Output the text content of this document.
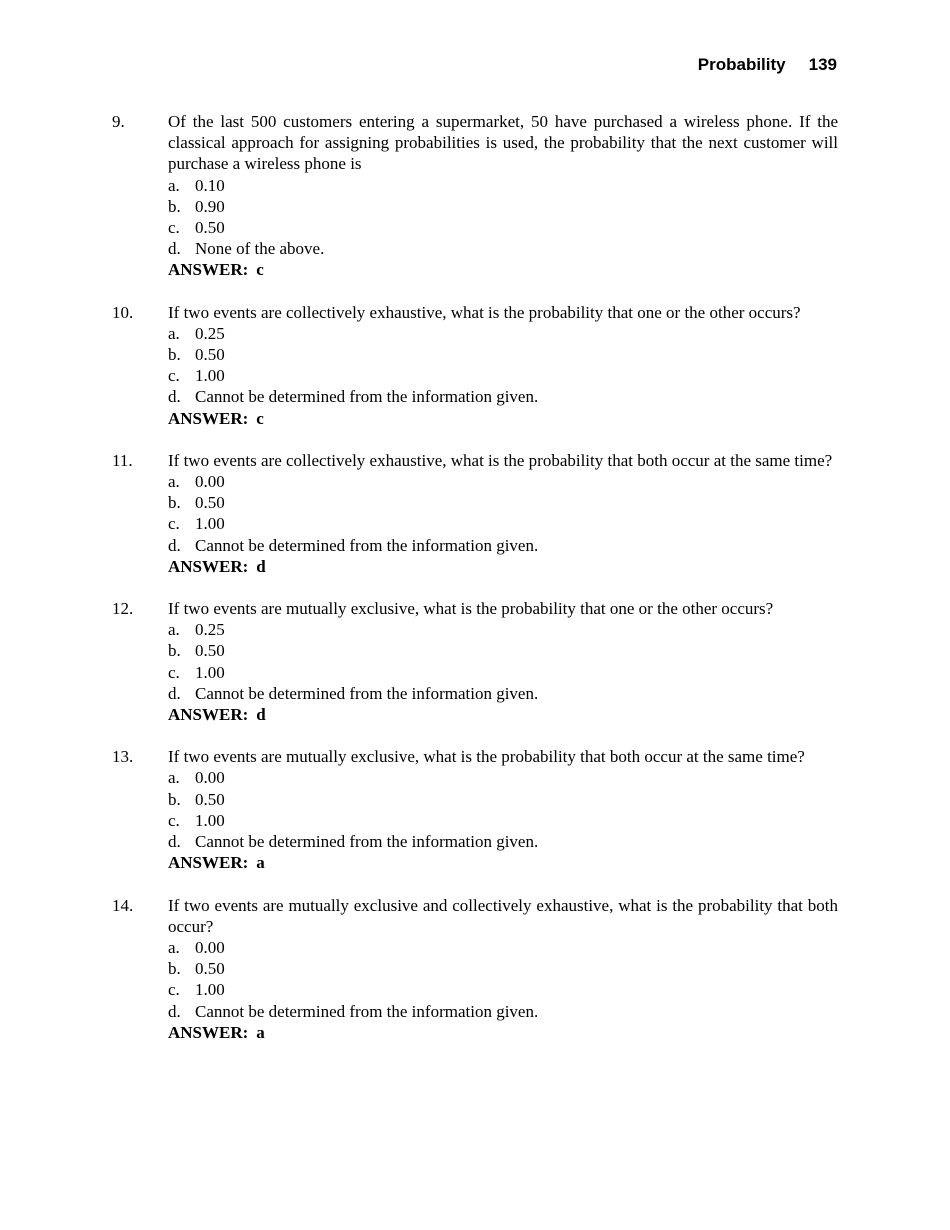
Probability 139
9.	Of the last 500 customers entering a supermarket, 50 have purchased a wireless phone. If the classical approach for assigning probabilities is used, the probability that the next customer will purchase a wireless phone is
a. 0.10
b. 0.90
c. 0.50
d. None of the above.
ANSWER: c
10. If two events are collectively exhaustive, what is the probability that one or the other occurs?
a. 0.25
b. 0.50
c. 1.00
d. Cannot be determined from the information given.
ANSWER: c
11. If two events are collectively exhaustive, what is the probability that both occur at the same time?
a. 0.00
b. 0.50
c. 1.00
d. Cannot be determined from the information given.
ANSWER: d
12. If two events are mutually exclusive, what is the probability that one or the other occurs?
a. 0.25
b. 0.50
c. 1.00
d. Cannot be determined from the information given.
ANSWER: d
13. If two events are mutually exclusive, what is the probability that both occur at the same time?
a. 0.00
b. 0.50
c. 1.00
d. Cannot be determined from the information given.
ANSWER: a
14. If two events are mutually exclusive and collectively exhaustive, what is the probability that both occur?
a. 0.00
b. 0.50
c. 1.00
d. Cannot be determined from the information given.
ANSWER: a
